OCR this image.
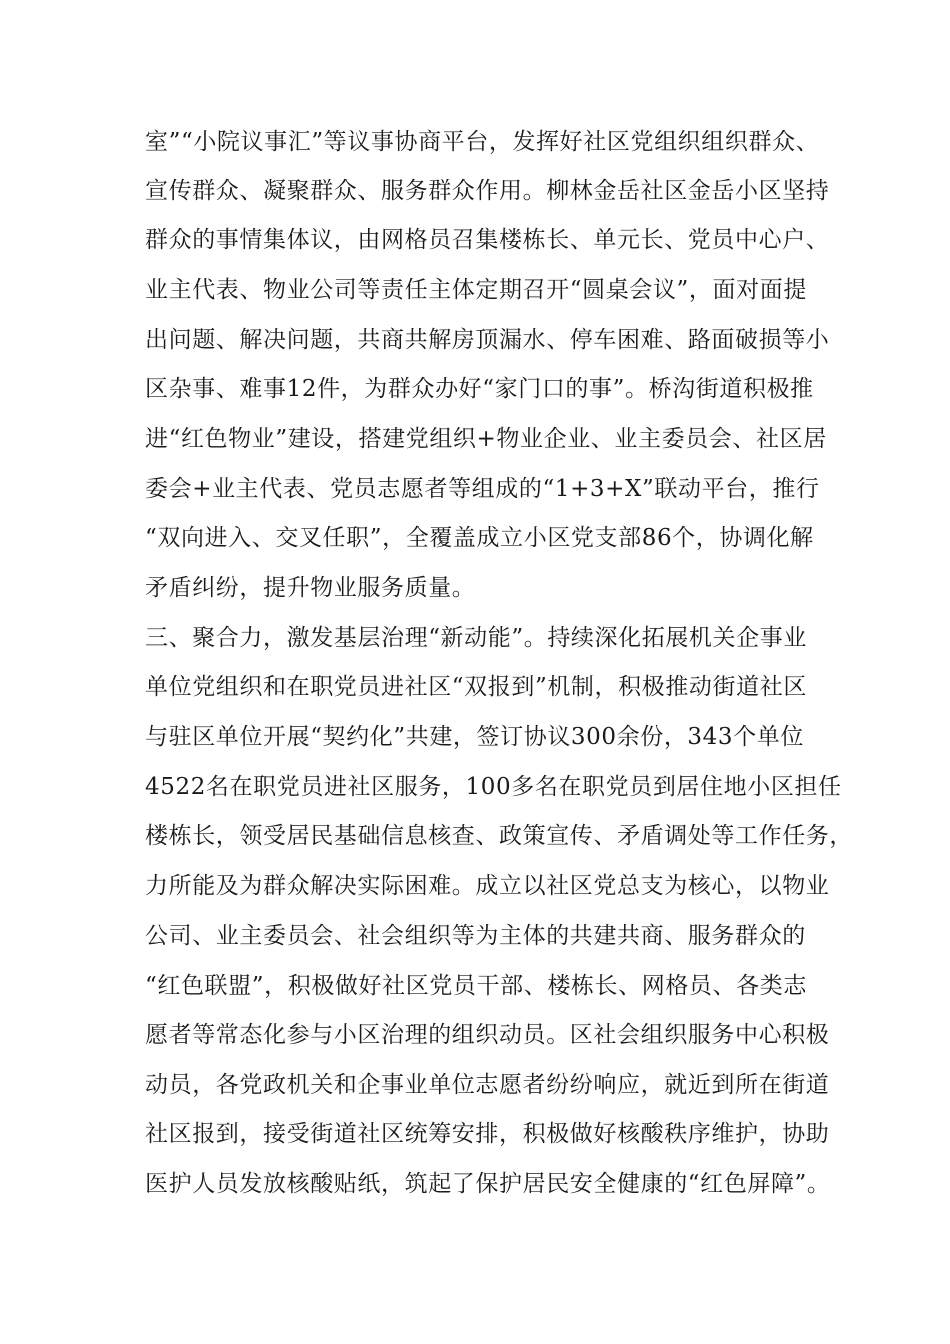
室”“小院议事汇”等议事协商平台，发挥好社区党组织组织群众、
宣传群众、凝聚群众、服务群众作用。柳林金岳社区金岳小区坚持
群众的事情集体议，由网格员召集楼栋长、单元长、党员中心户、
业主代表、物业公司等责任主体定期召开“圆桌会议”，面对面提
出问题、解决问题，共商共解房顶漏水、停车困难、路面破损等小
区杂事、难事12件，为群众办好“家门口的事”。桥沟街道积极推
进“红色物业”建设，搭建党组织+物业企业、业主委员会、社区居
委会+业主代表、党员志愿者等组成的“1+3+X”联动平台，推行
“双向进入、交叉任职”，全覆盖成立小区党支部86个，协调化解
矛盾纠纷，提升物业服务质量。
三、聚合力，激发基层治理“新动能”。持续深化拓展机关企事业
单位党组织和在职党员进社区“双报到”机制，积极推动街道社区
与驻区单位开展“契约化”共建，签订协议300余份，343个单位
4522名在职党员进社区服务，100多名在职党员到居住地小区担任
楼栋长，领受居民基础信息核查、政策宣传、矛盾调处等工作任务，
力所能及为群众解决实际困难。成立以社区党总支为核心，以物业
公司、业主委员会、社会组织等为主体的共建共商、服务群众的
“红色联盟”，积极做好社区党员干部、楼栋长、网格员、各类志
愿者等常态化参与小区治理的组织动员。区社会组织服务中心积极
动员，各党政机关和企事业单位志愿者纷纷响应，就近到所在街道
社区报到，接受街道社区统筹安排，积极做好核酸秩序维护，协助
医护人员发放核酸贴纸，筑起了保护居民安全健康的“红色屏障”。
